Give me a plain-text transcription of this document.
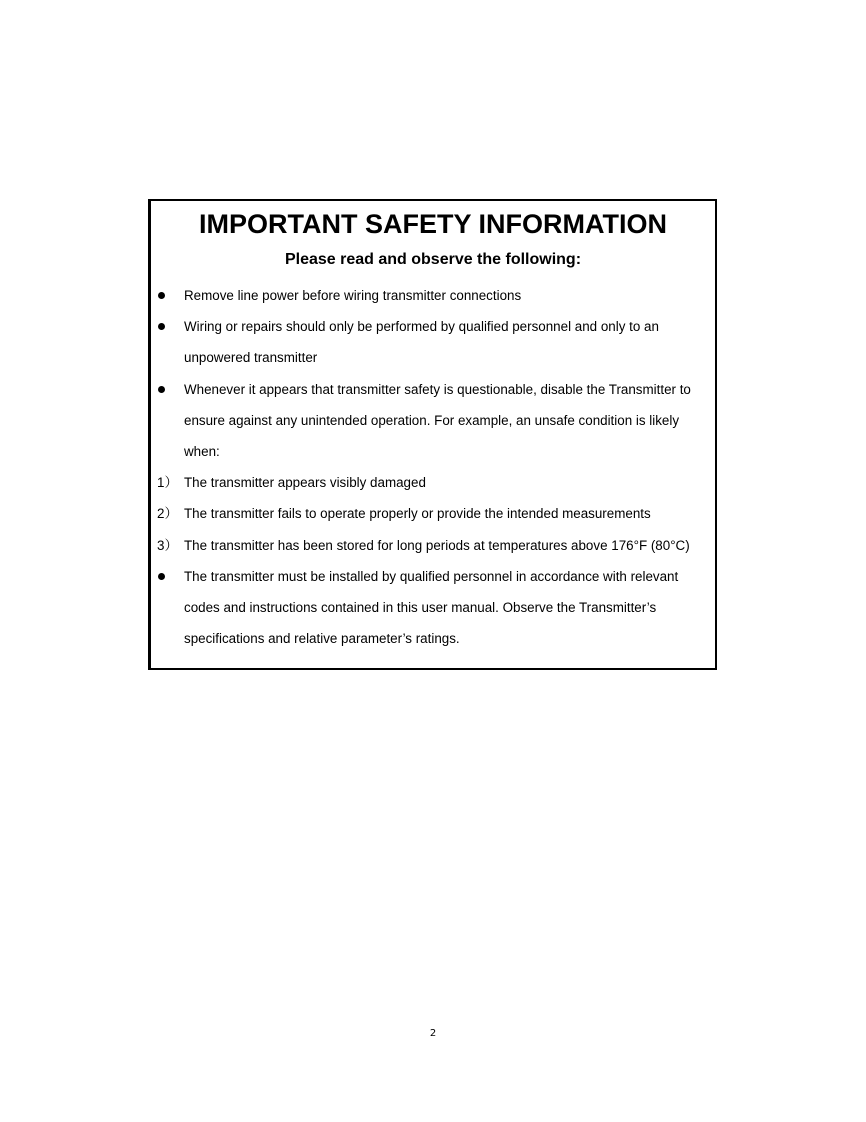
IMPORTANT SAFETY INFORMATION
Please read and observe the following:
Remove line power before wiring transmitter connections
Wiring or repairs should only be performed by qualified personnel and only to an unpowered transmitter
Whenever it appears that transmitter safety is questionable, disable the Transmitter to ensure against any unintended operation. For example, an unsafe condition is likely when:
1） The transmitter appears visibly damaged
2） The transmitter fails to operate properly or provide the intended measurements
3） The transmitter has been stored for long periods at temperatures above 176°F (80°C)
The transmitter must be installed by qualified personnel in accordance with relevant codes and instructions contained in this user manual. Observe the Transmitter’s specifications and relative parameter’s ratings.
2
